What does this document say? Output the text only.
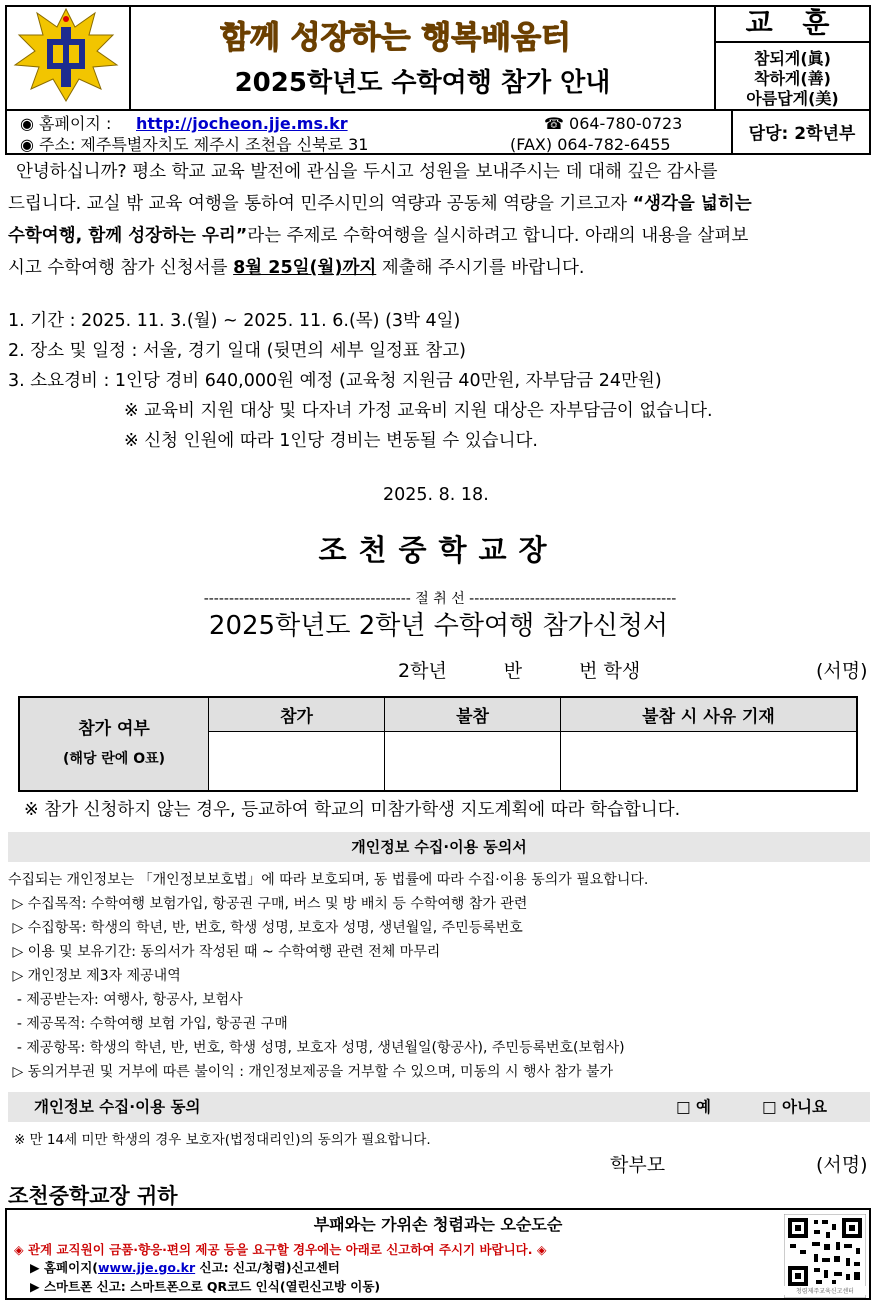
함께 성장하는 행복배움터
2025학년도 수학여행 참가 안내
교 훈
참되게(眞)
착하게(善)
아름답게(美)
◉ 홈페이지 : http://jocheon.jje.ms.kr
◉ 주소: 제주특별자치도 제주시 조천읍 신북로 31
☎ 064-780-0723
(FAX) 064-782-6455
담당: 2학년부
안녕하십니까? 평소 학교 교육 발전에 관심을 두시고 성원을 보내주시는 데 대해 깊은 감사를
드립니다. 교실 밖 교육 여행을 통하여 민주시민의 역량과 공동체 역량을 기르고자 “생각을 넓히는
수학여행, 함께 성장하는 우리”라는 주제로 수학여행을 실시하려고 합니다. 아래의 내용을 살펴보
시고 수학여행 참가 신청서를 8월 25일(월)까지 제출해 주시기를 바랍니다.
1. 기간 : 2025. 11. 3.(월) ~ 2025. 11. 6.(목) (3박 4일)
2. 장소 및 일정 : 서울, 경기 일대 (뒷면의 세부 일정표 참고)
3. 소요경비 : 1인당 경비 640,000원 예정 (교육청 지원금 40만원, 자부담금 24만원)
※ 교육비 지원 대상 및 다자녀 가정 교육비 지원 대상은 자부담금이 없습니다.
※ 신청 인원에 따라 1인당 경비는 변동될 수 있습니다.
2025. 8. 18.
조천중학교장
----------------------------------------- 절 취 선 -----------------------------------------
2025학년도 2학년 수학여행 참가신청서
2학년　　　반　　　번 학생	(서명)
참가 여부
(해당 란에 O표)	참가	불참	불참 시 사유 기재

※ 참가 신청하지 않는 경우, 등교하여 학교의 미참가학생 지도계획에 따라 학습합니다.
개인정보 수집·이용 동의서
수집되는 개인정보는 「개인정보보호법」에 따라 보호되며, 동 법률에 따라 수집·이용 동의가 필요합니다.
▷ 수집목적: 수학여행 보험가입, 항공권 구매, 버스 및 방 배치 등 수학여행 참가 관련
▷ 수집항목: 학생의 학년, 반, 번호, 학생 성명, 보호자 성명, 생년월일, 주민등록번호
▷ 이용 및 보유기간: 동의서가 작성된 때 ~ 수학여행 관련 전체 마무리
▷ 개인정보 제3자 제공내역
- 제공받는자: 여행사, 항공사, 보험사
- 제공목적: 수학여행 보험 가입, 항공권 구매
- 제공항목: 학생의 학년, 반, 번호, 학생 성명, 보호자 성명, 생년월일(항공사), 주민등록번호(보험사)
▷ 동의거부권 및 거부에 따른 불이익 : 개인정보제공을 거부할 수 있으며, 미동의 시 행사 참가 불가
개인정보 수집·이용 동의	□ 예	□ 아니요
※ 만 14세 미만 학생의 경우 보호자(법정대리인)의 동의가 필요합니다.
학부모	(서명)
조천중학교장 귀하
부패와는 가위손 청렴과는 오순도순
◈ 관계 교직원이 금품·향응·편의 제공 등을 요구할 경우에는 아래로 신고하여 주시기 바랍니다. ◈
▶ 홈페이지(www.jje.go.kr 신고: 신고/청렴)신고센터
▶ 스마트폰 신고: 스마트폰으로 QR코드 인식(열린신고방 이동)	청렴제주교육신고센터
